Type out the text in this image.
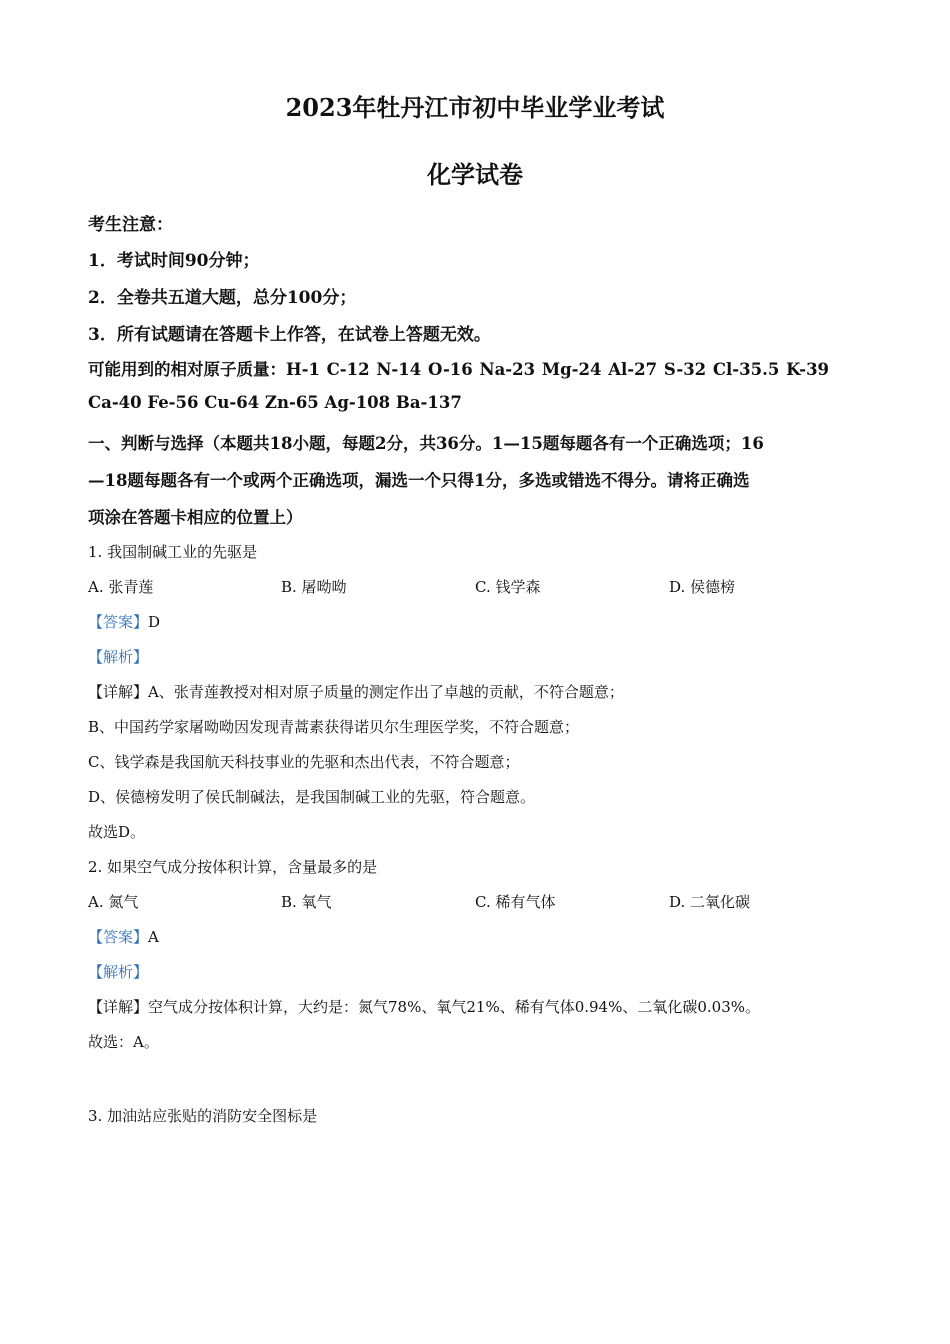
2023年牡丹江市初中毕业学业考试
化学试卷
考生注意：
1．考试时间90分钟；
2．全卷共五道大题，总分100分；
3．所有试题请在答题卡上作答，在试卷上答题无效。
可能用到的相对原子质量：H-1 C-12 N-14 O-16 Na-23 Mg-24 Al-27 S-32 Cl-35.5 K-39
Ca-40 Fe-56 Cu-64 Zn-65 Ag-108 Ba-137
一、判断与选择（本题共18小题，每题2分，共36分。1—15题每题各有一个正确选项；16
—18题每题各有一个或两个正确选项，漏选一个只得1分，多选或错选不得分。请将正确选
项涂在答题卡相应的位置上）
1. 我国制碱工业的先驱是
A. 张青莲	B. 屠呦呦	C. 钱学森	D. 侯德榜
【答案】D
【解析】
【详解】A、张青莲教授对相对原子质量的测定作出了卓越的贡献，不符合题意；
B、中国药学家屠呦呦因发现青蒿素获得诺贝尔生理医学奖，不符合题意；
C、钱学森是我国航天科技事业的先驱和杰出代表，不符合题意；
D、侯德榜发明了侯氏制碱法，是我国制碱工业的先驱，符合题意。
故选D。
2. 如果空气成分按体积计算，含量最多的是
A. 氮气	B. 氧气	C. 稀有气体	D. 二氧化碳
【答案】A
【解析】
【详解】空气成分按体积计算，大约是：氮气78%、氧气21%、稀有气体0.94%、二氧化碳0.03%。
故选：A。
3. 加油站应张贴的消防安全图标是
